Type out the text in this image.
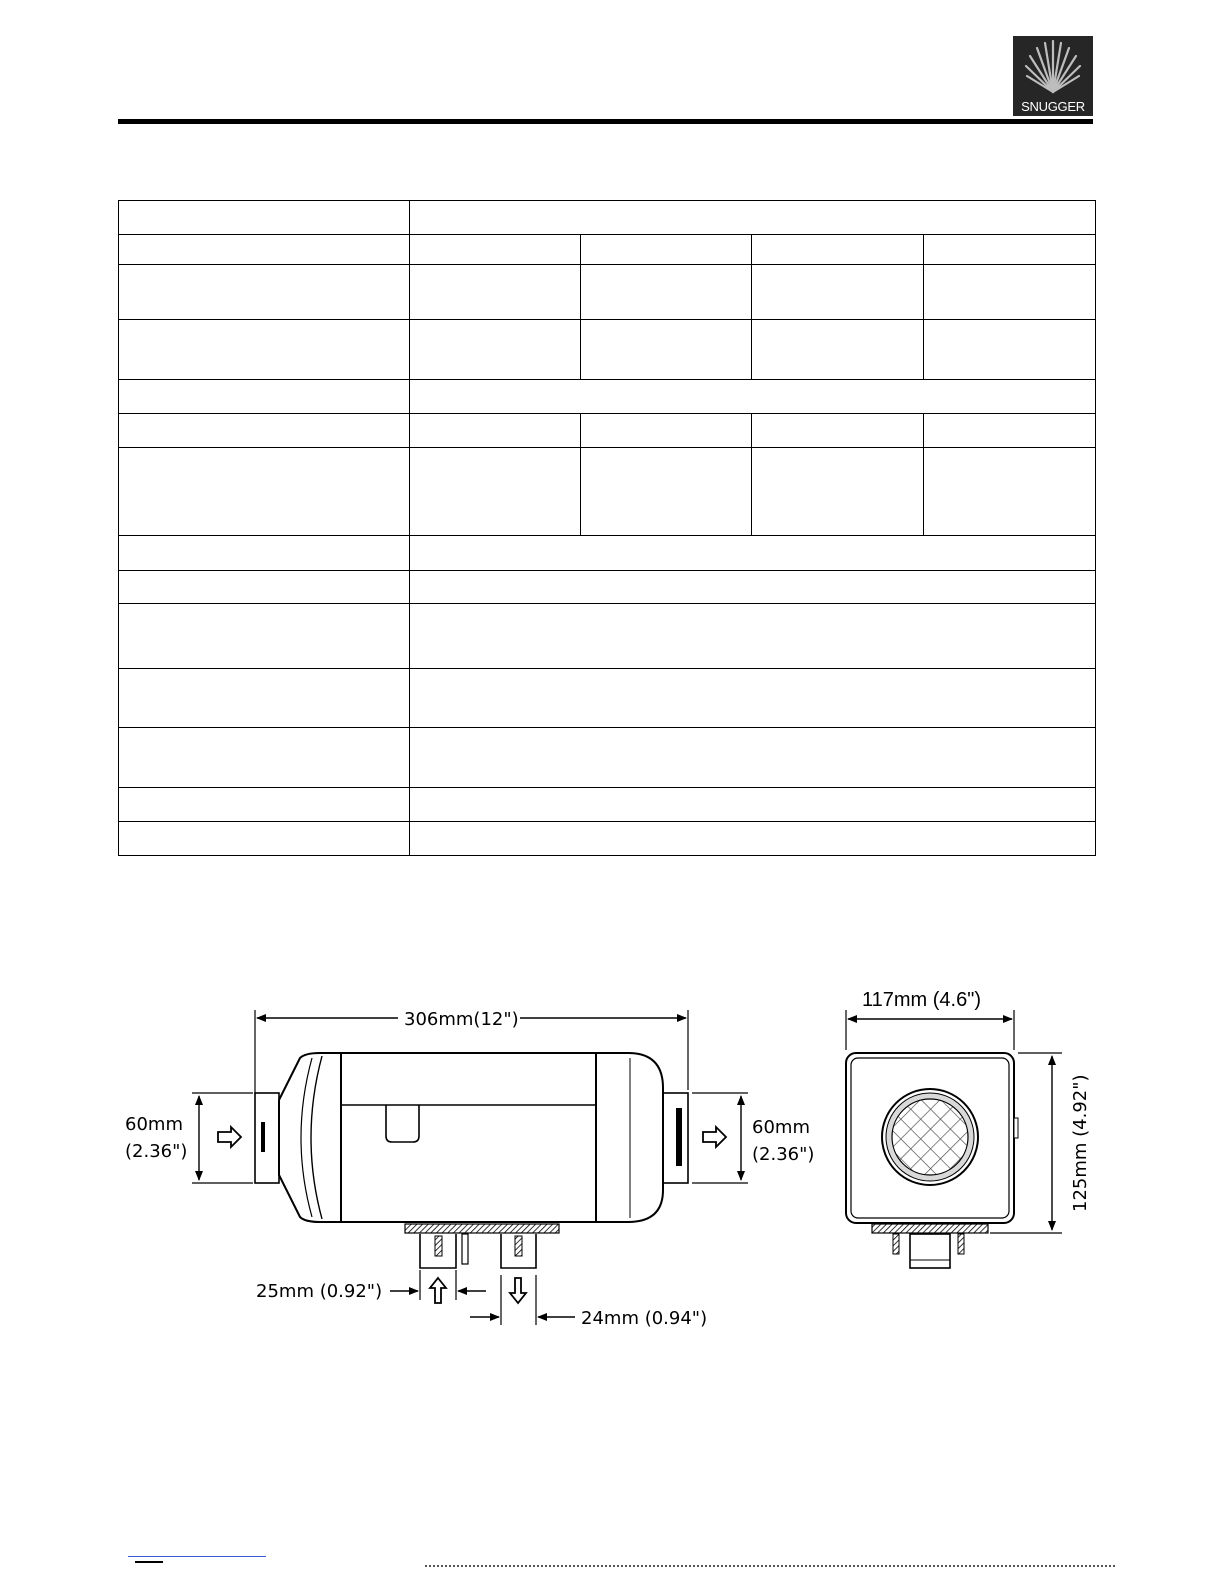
SNUGGER

306mm(12")
60mm
(2.36")
60mm
(2.36")
25mm (0.92")
24mm (0.94")
117mm (4.6")
125mm (4.92")
